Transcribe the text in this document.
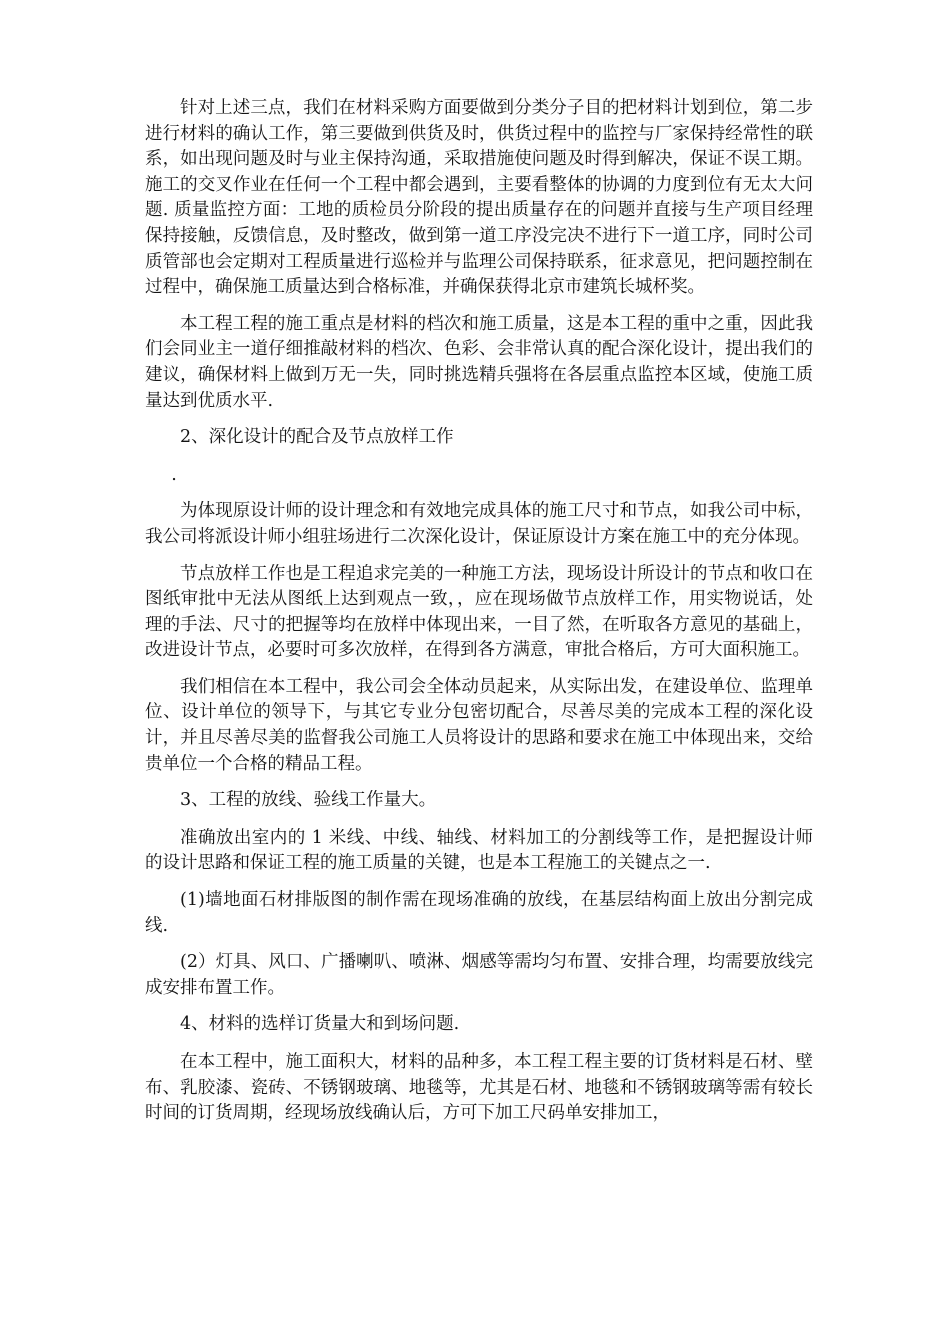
针对上述三点，我们在材料采购方面要做到分类分子目的把材料计划到位，第二步进行材料的确认工作，第三要做到供货及时，供货过程中的监控与厂家保持经常性的联系，如出现问题及时与业主保持沟通，采取措施使问题及时得到解决，保证不误工期。施工的交叉作业在任何一个工程中都会遇到，主要看整体的协调的力度到位有无太大问题. 质量监控方面：工地的质检员分阶段的提出质量存在的问题并直接与生产项目经理保持接触，反馈信息，及时整改，做到第一道工序没完决不进行下一道工序，同时公司质管部也会定期对工程质量进行巡检并与监理公司保持联系，征求意见，把问题控制在过程中，确保施工质量达到合格标准，并确保获得北京市建筑长城杯奖。

本工程工程的施工重点是材料的档次和施工质量，这是本工程的重中之重，因此我们会同业主一道仔细推敲材料的档次、色彩、会非常认真的配合深化设计，提出我们的建议，确保材料上做到万无一失，同时挑选精兵强将在各层重点监控本区域，使施工质量达到优质水平.

2、深化设计的配合及节点放样工作

.

为体现原设计师的设计理念和有效地完成具体的施工尺寸和节点，如我公司中标，我公司将派设计师小组驻场进行二次深化设计，保证原设计方案在施工中的充分体现。

节点放样工作也是工程追求完美的一种施工方法，现场设计所设计的节点和收口在图纸审批中无法从图纸上达到观点一致，，应在现场做节点放样工作，用实物说话，处理的手法、尺寸的把握等均在放样中体现出来，一目了然，在听取各方意见的基础上，改进设计节点，必要时可多次放样，在得到各方满意，审批合格后，方可大面积施工。

我们相信在本工程中，我公司会全体动员起来，从实际出发，在建设单位、监理单位、设计单位的领导下，与其它专业分包密切配合，尽善尽美的完成本工程的深化设计，并且尽善尽美的监督我公司施工人员将设计的思路和要求在施工中体现出来，交给贵单位一个合格的精品工程。

3、工程的放线、验线工作量大。

准确放出室内的 1 米线、中线、轴线、材料加工的分割线等工作，是把握设计师的设计思路和保证工程的施工质量的关键，也是本工程施工的关键点之一.

(1)墙地面石材排版图的制作需在现场准确的放线，在基层结构面上放出分割完成线.

(2）灯具、风口、广播喇叭、喷淋、烟感等需均匀布置、安排合理，均需要放线完成安排布置工作。

4、材料的选样订货量大和到场问题.

在本工程中，施工面积大，材料的品种多，本工程工程主要的订货材料是石材、壁布、乳胶漆、瓷砖、不锈钢玻璃、地毯等，尤其是石材、地毯和不锈钢玻璃等需有较长时间的订货周期，经现场放线确认后，方可下加工尺码单安排加工，
